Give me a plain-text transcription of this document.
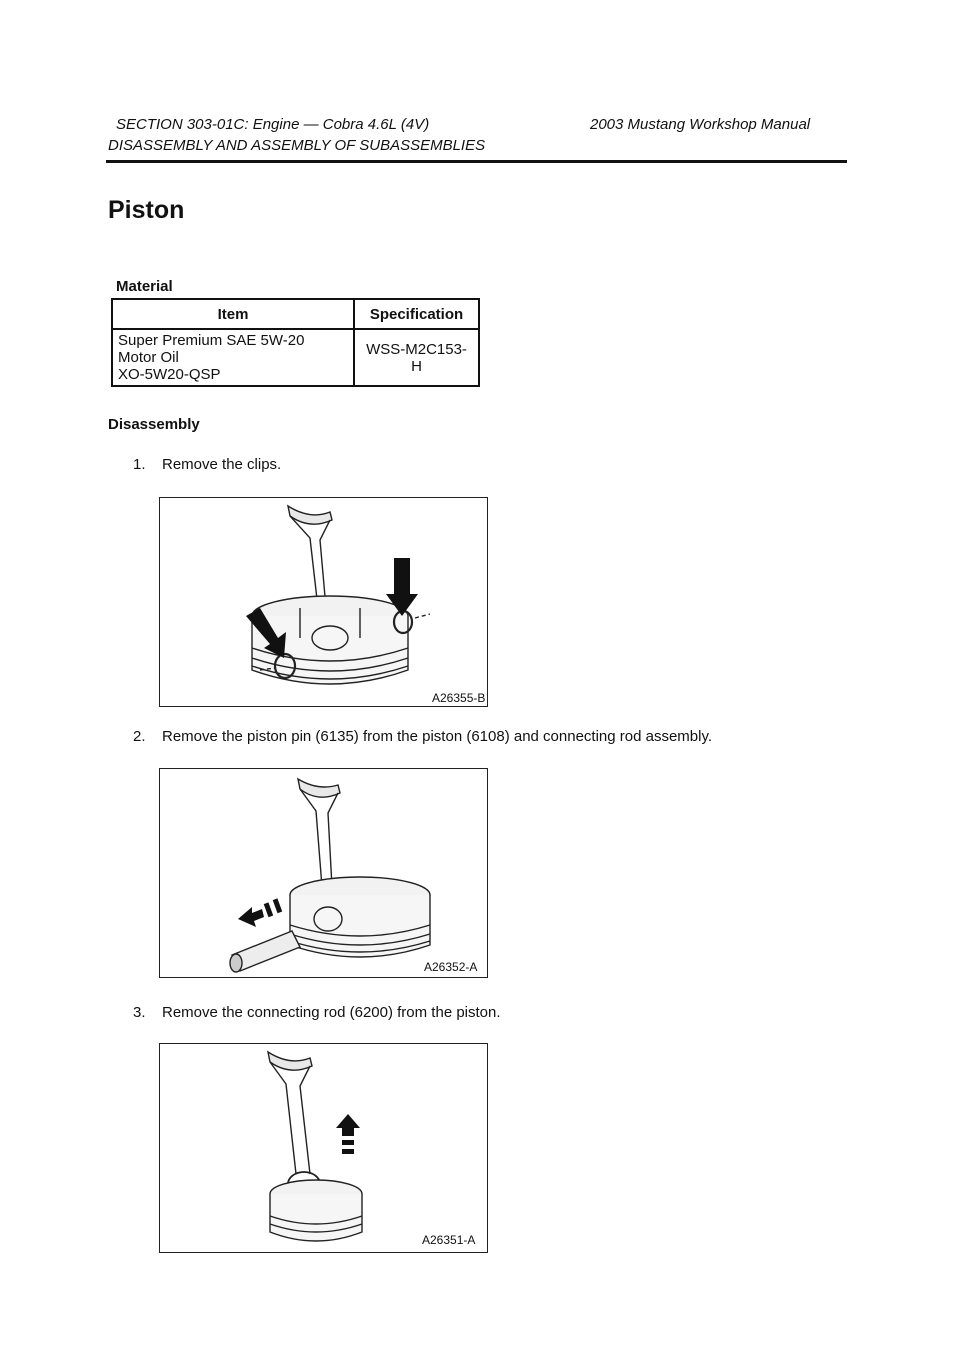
SECTION 303-01C: Engine — Cobra 4.6L (4V)	2003 Mustang Workshop Manual
DISASSEMBLY AND ASSEMBLY OF SUBASSEMBLIES
Piston
Material
Item	Specification

Super Premium SAE 5W-20
Motor Oil
XO-5W20-QSP	WSS-M2C153-
H
Disassembly
1. Remove the clips.
A26355-B
2. Remove the piston pin (6135) from the piston (6108) and connecting rod assembly.
A26352-A
3. Remove the connecting rod (6200) from the piston.
A26351-A
